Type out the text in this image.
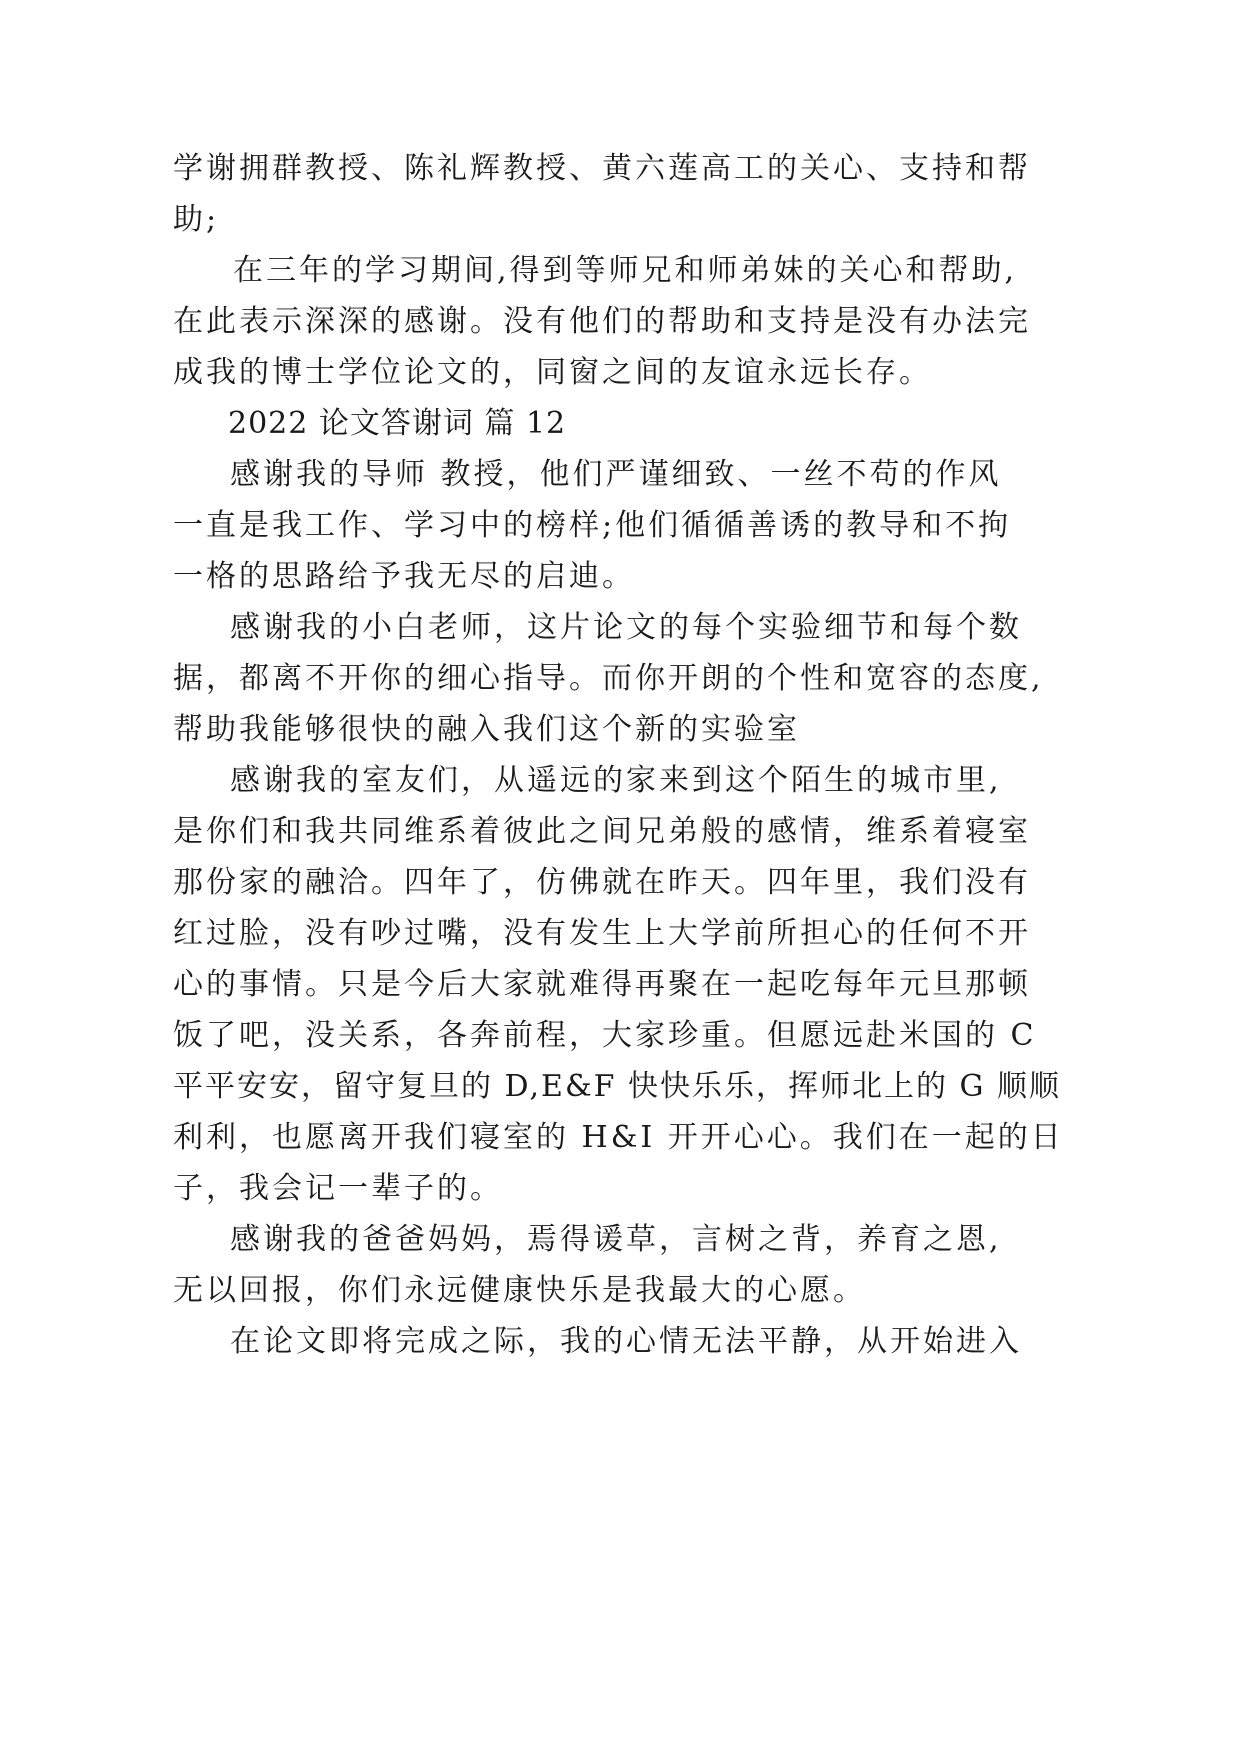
学谢拥群教授、陈礼辉教授、黄六莲高工的关心、支持和帮
助;
在三年的学习期间,得到等师兄和师弟妹的关心和帮助,
在此表示深深的感谢。没有他们的帮助和支持是没有办法完
成我的博士学位论文的，同窗之间的友谊永远长存。
2022 论文答谢词 篇 12
感谢我的导师 教授，他们严谨细致、一丝不苟的作风
一直是我工作、学习中的榜样;他们循循善诱的教导和不拘
一格的思路给予我无尽的启迪。
感谢我的小白老师，这片论文的每个实验细节和每个数
据，都离不开你的细心指导。而你开朗的个性和宽容的态度,
帮助我能够很快的融入我们这个新的实验室
感谢我的室友们，从遥远的家来到这个陌生的城市里,
是你们和我共同维系着彼此之间兄弟般的感情，维系着寝室
那份家的融洽。四年了，仿佛就在昨天。四年里，我们没有
红过脸，没有吵过嘴，没有发生上大学前所担心的任何不开
心的事情。只是今后大家就难得再聚在一起吃每年元旦那顿
饭了吧，没关系，各奔前程，大家珍重。但愿远赴米国的 C
平平安安，留守复旦的 D,E&F 快快乐乐，挥师北上的 G 顺顺
利利，也愿离开我们寝室的 H&I 开开心心。我们在一起的日
子，我会记一辈子的。
感谢我的爸爸妈妈，焉得谖草，言树之背，养育之恩,
无以回报，你们永远健康快乐是我最大的心愿。
在论文即将完成之际，我的心情无法平静，从开始进入
